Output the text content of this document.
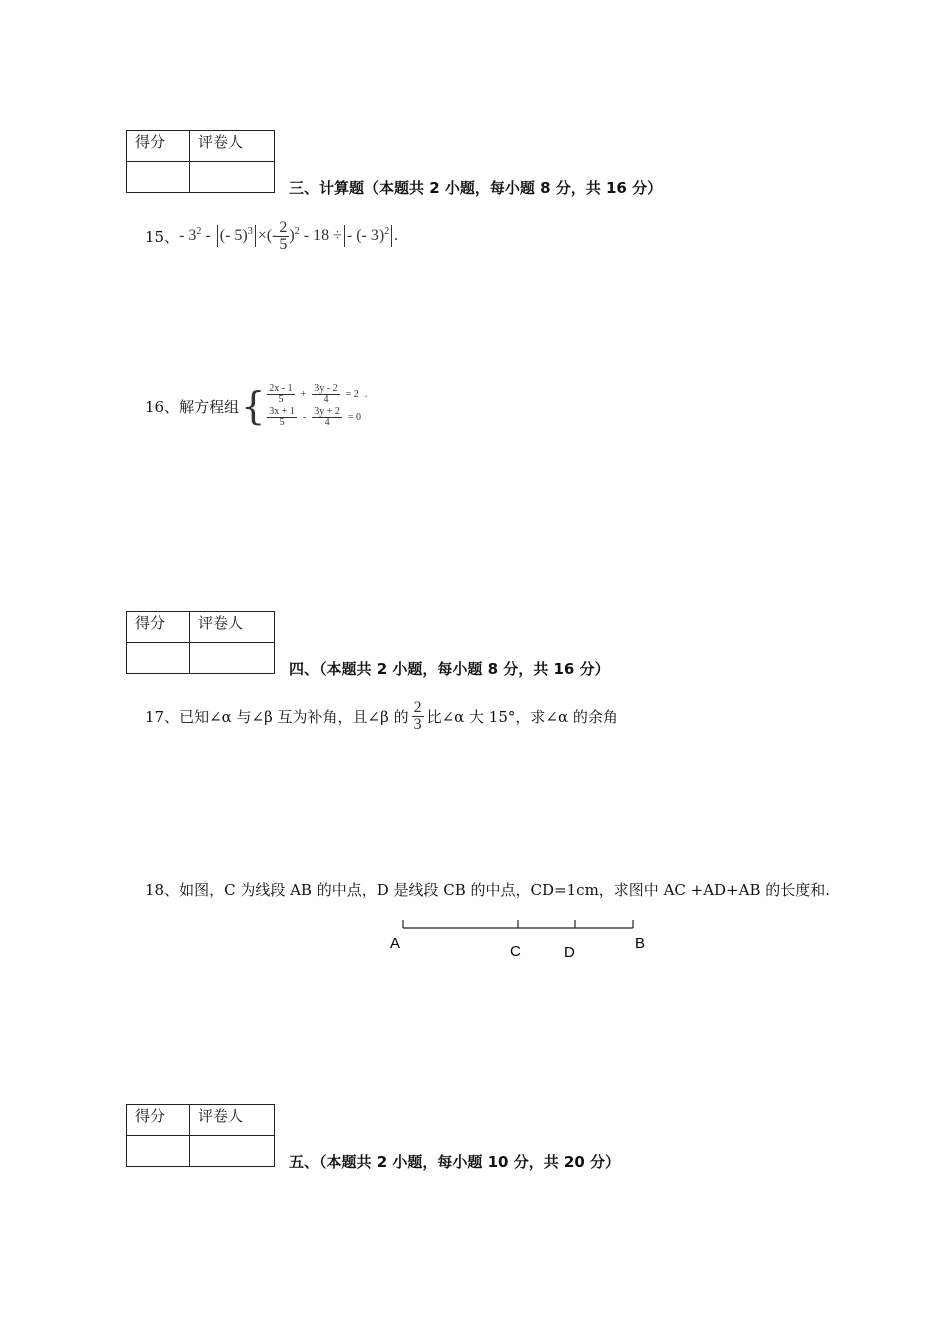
得分	评卷人

三、计算题（本题共 2 小题，每小题 8 分，共 16 分）
15、 - $3^2$ - (- 5)$^3$ ×(- $\frac{2}{5} )^2 - 18$ ÷ - (- 3)$^2$ .
16、解方程组 { $\frac{2x - 1}{5} + \frac{3y - 2}{4} = 2$ .
$\frac{3x + 1}{5} - \frac{3y + 2}{4} = 0$
得分	评卷人

四、（本题共 2 小题，每小题 8 分，共 16 分）
17、已知∠α 与∠β 互为补角，且∠β 的 $\frac{2}{3}$ 比∠α 大 15°，求∠α 的余角
18、如图，C 为线段 AB 的中点，D 是线段 CB 的中点，CD=1cm，求图中 AC +AD+AB 的长度和.
A	C	D
B
得分	评卷人

五、（本题共 2 小题，每小题 10 分，共 20 分）
